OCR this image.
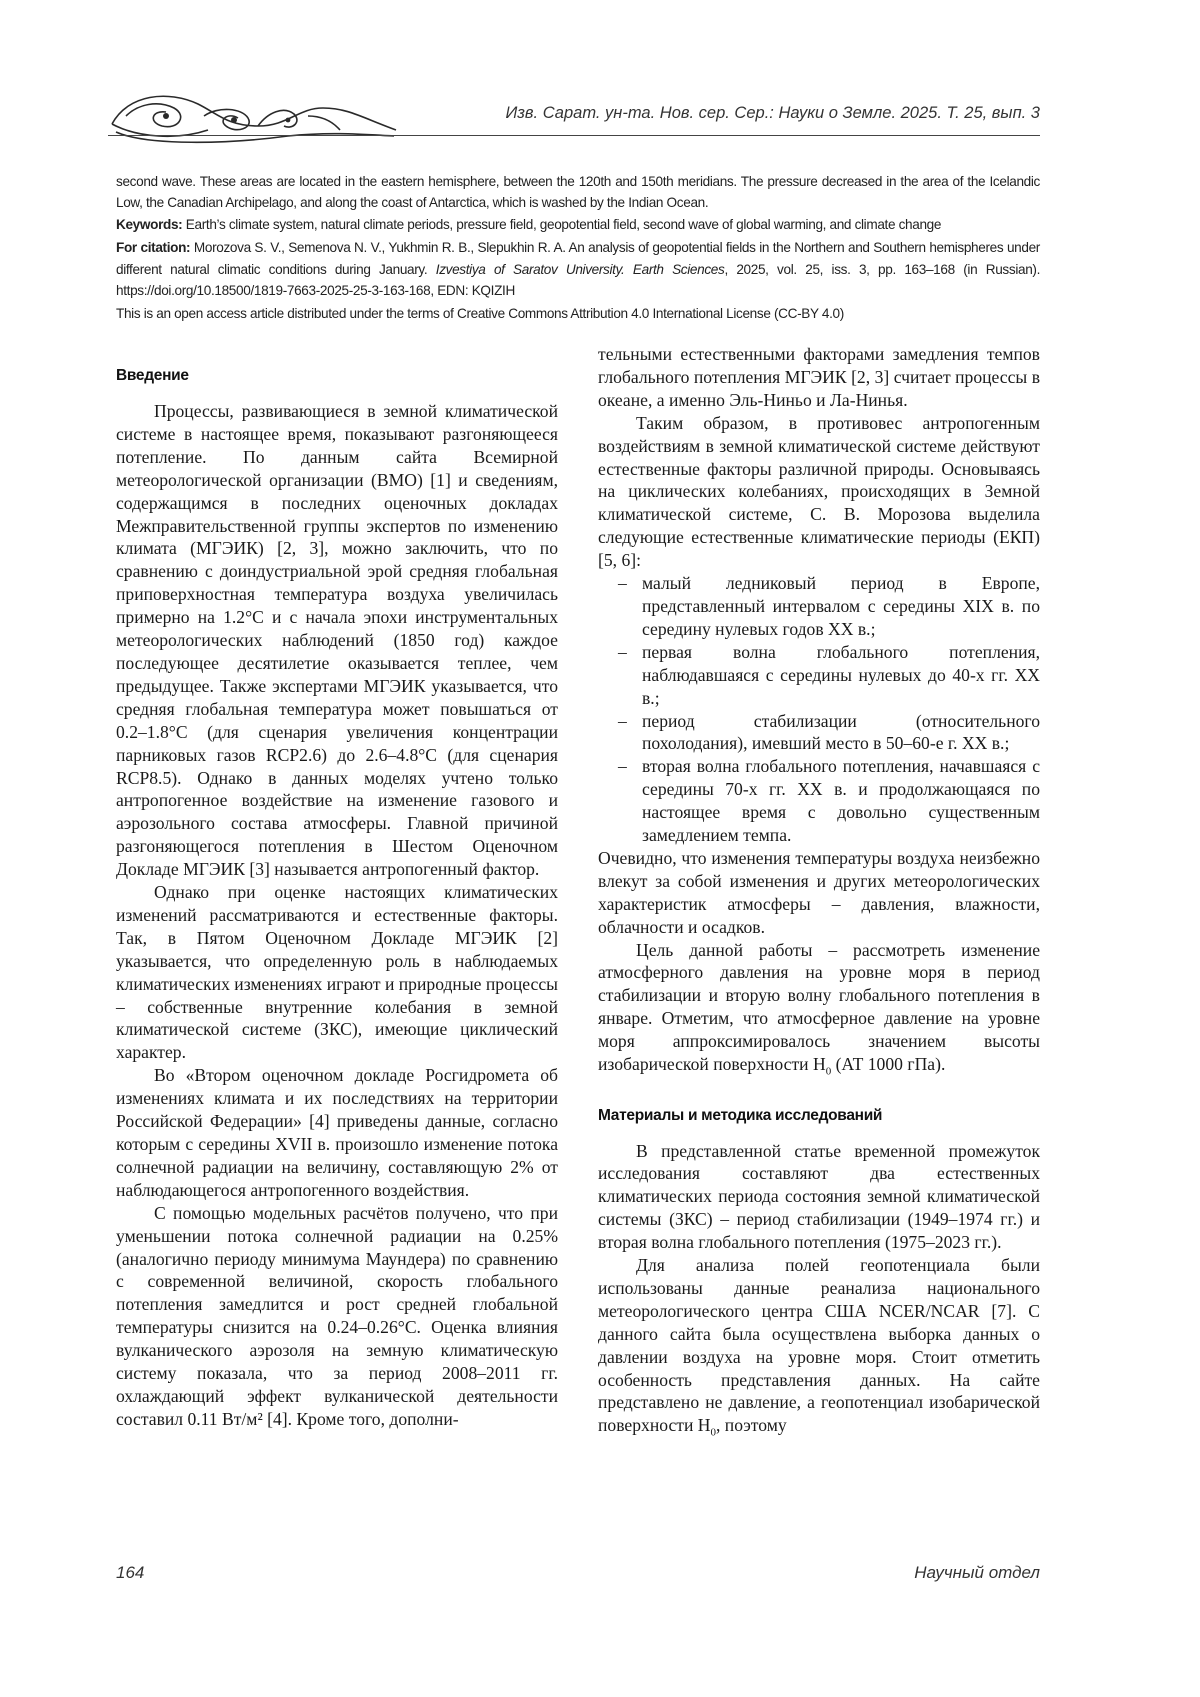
Изв. Сарат. ун-та. Нов. сер. Сер.: Науки о Земле. 2025. Т. 25, вып. 3

second wave. These areas are located in the eastern hemisphere, between the 120th and 150th meridians. The pressure decreased in the area of the Icelandic Low, the Canadian Archipelago, and along the coast of Antarctica, which is washed by the Indian Ocean.

Keywords: Earth’s climate system, natural climate periods, pressure field, geopotential field, second wave of global warming, and climate change

For citation: Morozova S. V., Semenova N. V., Yukhmin R. B., Slepukhin R. A. An analysis of geopotential fields in the Northern and Southern hemispheres under different natural climatic conditions during January. Izvestiya of Saratov University. Earth Sciences, 2025, vol. 25, iss. 3, pp. 163–168 (in Russian). https://doi.org/10.18500/1819-7663-2025-25-3-163-168, EDN: KQIZIH

This is an open access article distributed under the terms of Creative Commons Attribution 4.0 International License (CC-BY 4.0)

Введение

Процессы, развивающиеся в земной климатической системе в настоящее время, показывают разгоняющееся потепление. По данным сайта Всемирной метеорологической организации (ВМО) [1] и сведениям, содержащимся в последних оценочных докладах Межправительственной группы экспертов по изменению климата (МГЭИК) [2, 3], можно заключить, что по сравнению с доиндустриальной эрой средняя глобальная приповерхностная температура воздуха увеличилась примерно на 1.2°С и с начала эпохи инструментальных метеорологических наблюдений (1850 год) каждое последующее десятилетие оказывается теплее, чем предыдущее. Также экспертами МГЭИК указывается, что средняя глобальная температура может повышаться от 0.2–1.8°С (для сценария увеличения концентрации парниковых газов RCP2.6) до 2.6–4.8°С (для сценария RCP8.5). Однако в данных моделях учтено только антропогенное воздействие на изменение газового и аэрозольного состава атмосферы. Главной причиной разгоняющегося потепления в Шестом Оценочном Докладе МГЭИК [3] называется антропогенный фактор.

Однако при оценке настоящих климатических изменений рассматриваются и естественные факторы. Так, в Пятом Оценочном Докладе МГЭИК [2] указывается, что определенную роль в наблюдаемых климатических изменениях играют и природные процессы – собственные внутренние колебания в земной климатической системе (ЗКС), имеющие циклический характер.

Во «Втором оценочном докладе Росгидромета об изменениях климата и их последствиях на территории Российской Федерации» [4] приведены данные, согласно которым с середины XVII в. произошло изменение потока солнечной радиации на величину, составляющую 2% от наблюдающегося антропогенного воздействия.

С помощью модельных расчётов получено, что при уменьшении потока солнечной радиации на 0.25% (аналогично периоду минимума Маундера) по сравнению с современной величиной, скорость глобального потепления замедлится и рост средней глобальной температуры снизится на 0.24–0.26°С. Оценка влияния вулканического аэрозоля на земную климатическую систему показала, что за период 2008–2011 гг. охлаждающий эффект вулканической деятельности составил 0.11 Вт/м² [4]. Кроме того, дополни-

тельными естественными факторами замедления темпов глобального потепления МГЭИК [2, 3] считает процессы в океане, а именно Эль-Ниньо и Ла-Нинья.

Таким образом, в противовес антропогенным воздействиям в земной климатической системе действуют естественные факторы различной природы. Основываясь на циклических колебаниях, происходящих в Земной климатической системе, С. В. Морозова выделила следующие естественные климатические периоды (ЕКП) [5, 6]:

– малый ледниковый период в Европе, представленный интервалом с середины XIX в. по середину нулевых годов XX в.;
– первая волна глобального потепления, наблюдавшаяся с середины нулевых до 40-х гг. XX в.;
– период стабилизации (относительного похолодания), имевший место в 50–60-е г. XX в.;
– вторая волна глобального потепления, начавшаяся с середины 70-х гг. XX в. и продолжающаяся по настоящее время с довольно существенным замедлением темпа.

Очевидно, что изменения температуры воздуха неизбежно влекут за собой изменения и других метеорологических характеристик атмосферы – давления, влажности, облачности и осадков.

Цель данной работы – рассмотреть изменение атмосферного давления на уровне моря в период стабилизации и вторую волну глобального потепления в январе. Отметим, что атмосферное давление на уровне моря аппроксимировалось значением высоты изобарической поверхности H0 (АТ 1000 гПа).

Материалы и методика исследований

В представленной статье временной промежуток исследования составляют два естественных климатических периода состояния земной климатической системы (ЗКС) – период стабилизации (1949–1974 гг.) и вторая волна глобального потепления (1975–2023 гг.).

Для анализа полей геопотенциала были использованы данные реанализа национального метеорологического центра США NCER/NCAR [7]. С данного сайта была осуществлена выборка данных о давлении воздуха на уровне моря. Стоит отметить особенность представления данных. На сайте представлено не давление, а геопотенциал изобарической поверхности H0, поэтому

164	Научный отдел
